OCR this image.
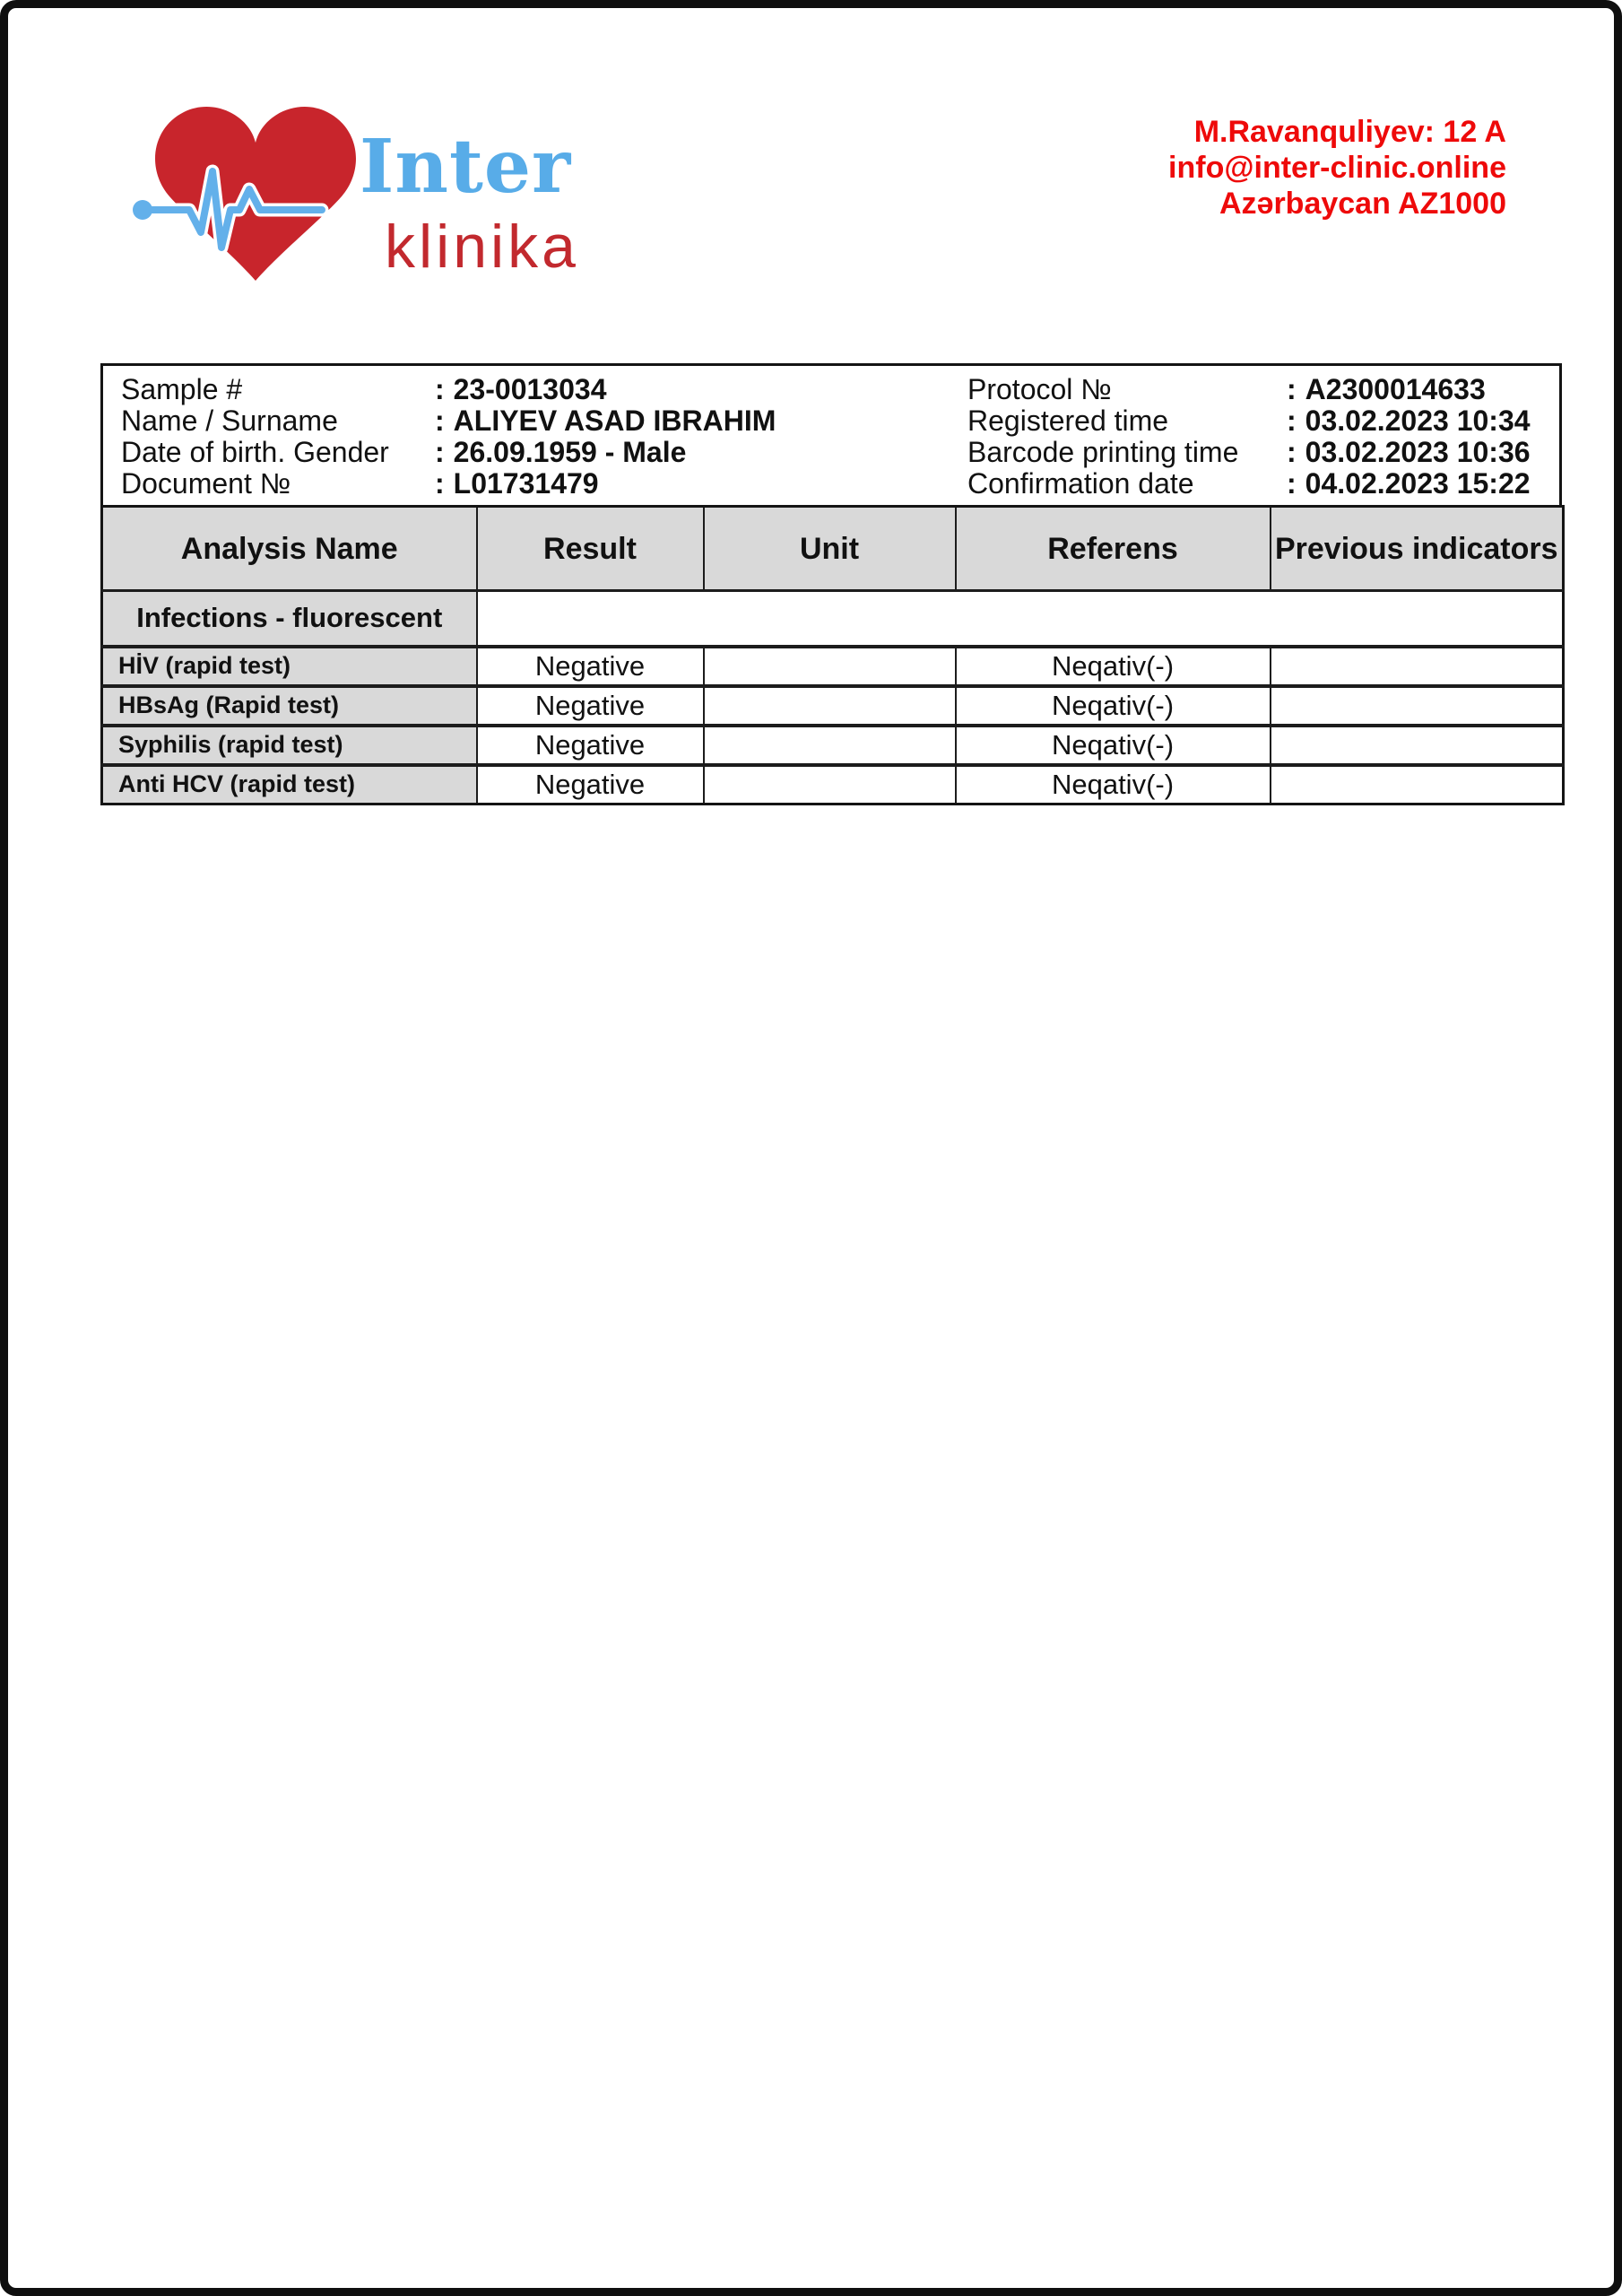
Inter
klinika
M.Ravanquliyev: 12 A
info@inter-clinic.online
Azərbaycan AZ1000
Sample #	: 23-0013034
Name / Surname	: ALIYEV ASAD IBRAHIM
Date of birth. Gender : 26.09.1959 - Male
Document №	: L01731479
Protocol №	: A2300014633
Registered time	: 03.02.2023 10:34
Barcode printing time : 03.02.2023 10:36
Confirmation date	: 04.02.2023 15:22
Analysis Name	Result	Unit	Referens	Previous indicators
Infections - fluorescent				
HİV (rapid test)	Negative		Neqativ(-)	
HBsAg (Rapid test)	Negative		Neqativ(-)	
Syphilis (rapid test)	Negative		Neqativ(-)	
Anti HCV (rapid test)	Negative		Neqativ(-)	
